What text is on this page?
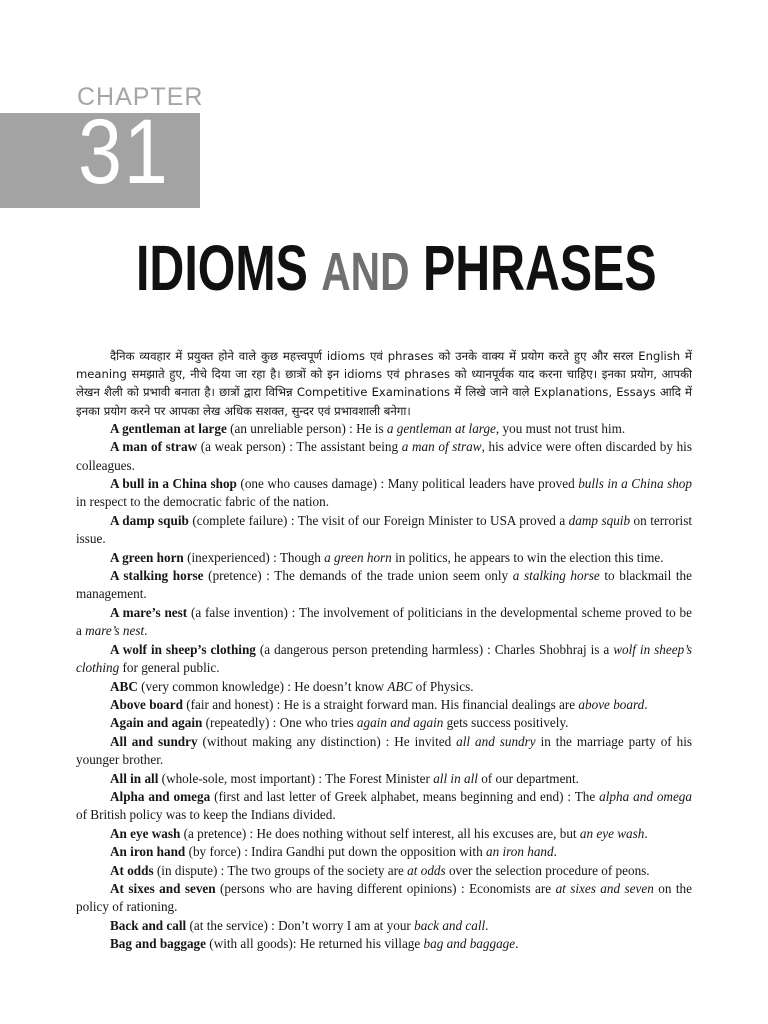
CHAPTER
31
IDIOMS AND PHRASES

दैनिक व्यवहार में प्रयुक्त होने वाले कुछ महत्त्वपूर्ण idioms एवं phrases को उनके वाक्य में प्रयोग करते हुए और सरल English में meaning समझाते हुए, नीचे दिया जा रहा है। छात्रों को इन idioms एवं phrases को ध्यानपूर्वक याद करना चाहिए। इनका प्रयोग, आपकी लेखन शैली को प्रभावी बनाता है। छात्रों द्वारा विभिन्न Competitive Examinations में लिखे जाने वाले Explanations, Essays आदि में इनका प्रयोग करने पर आपका लेख अधिक सशक्त, सुन्दर एवं प्रभावशाली बनेगा।

A gentleman at large (an unreliable person) : He is a gentleman at large, you must not trust him.

A man of straw (a weak person) : The assistant being a man of straw, his advice were often discarded by his colleagues.

A bull in a China shop (one who causes damage) : Many political leaders have proved bulls in a China shop in respect to the democratic fabric of the nation.

A damp squib (complete failure) : The visit of our Foreign Minister to USA proved a damp squib on terrorist issue.

A green horn (inexperienced) : Though a green horn in politics, he appears to win the election this time.

A stalking horse (pretence) : The demands of the trade union seem only a stalking horse to blackmail the management.

A mare’s nest (a false invention) : The involvement of politicians in the developmental scheme proved to be a mare’s nest.

A wolf in sheep’s clothing (a dangerous person pretending harmless) : Charles Shobhraj is a wolf in sheep’s clothing for general public.

ABC (very common knowledge) : He doesn’t know ABC of Physics.

Above board (fair and honest) : He is a straight forward man. His financial dealings are above board.

Again and again (repeatedly) : One who tries again and again gets success positively.

All and sundry (without making any distinction) : He invited all and sundry in the marriage party of his younger brother.

All in all (whole-sole, most important) : The Forest Minister all in all of our department.

Alpha and omega (first and last letter of Greek alphabet, means beginning and end) : The alpha and omega of British policy was to keep the Indians divided.

An eye wash (a pretence) : He does nothing without self interest, all his excuses are, but an eye wash.

An iron hand (by force) : Indira Gandhi put down the opposition with an iron hand.

At odds (in dispute) : The two groups of the society are at odds over the selection procedure of peons.

At sixes and seven (persons who are having different opinions) : Economists are at sixes and seven on the policy of rationing.

Back and call (at the service) : Don’t worry I am at your back and call.

Bag and baggage (with all goods): He returned his village bag and baggage.
